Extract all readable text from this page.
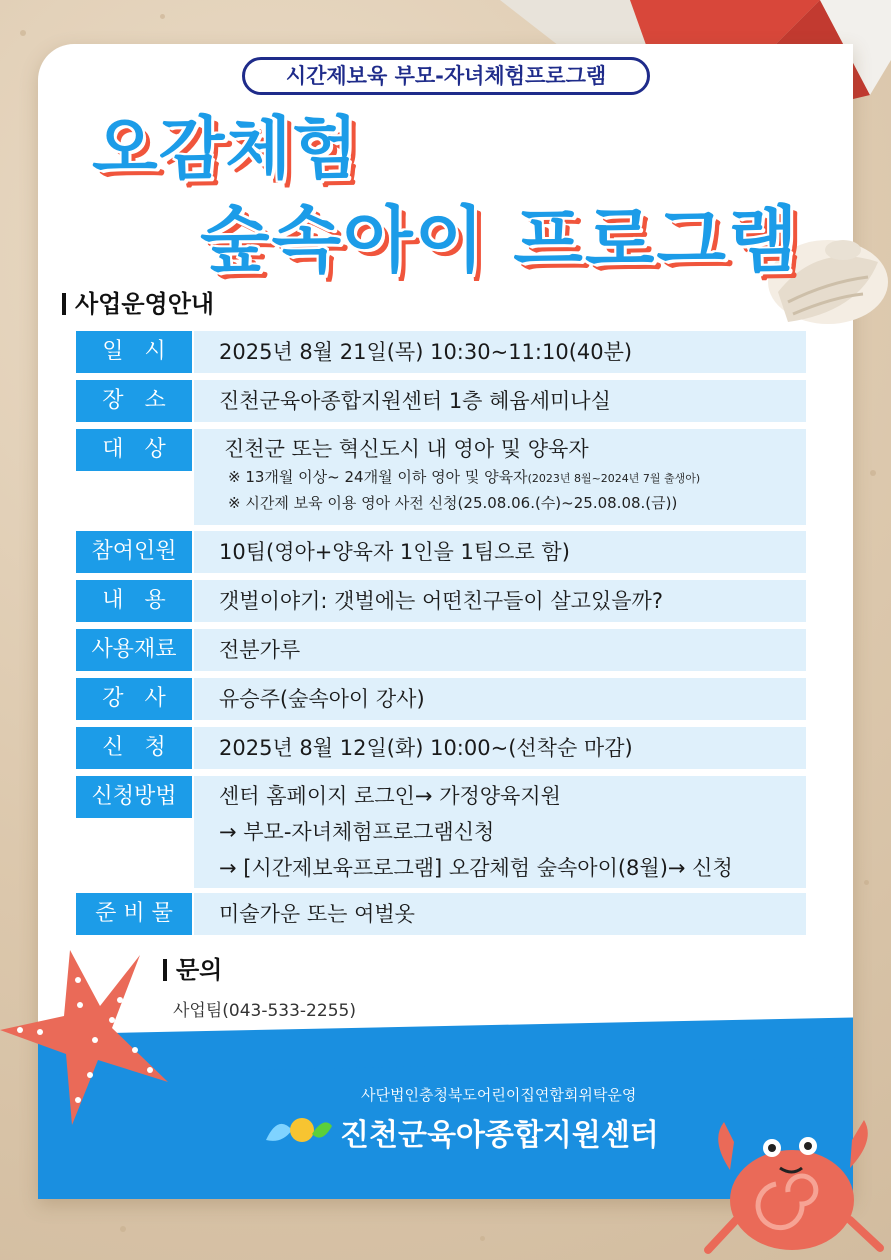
시간제보육 부모-자녀체험프로그램
오감체험
숲속아이 프로그램
사업운영안내
일   시	2025년 8월 21일(목) 10:30~11:10(40분)
장   소	진천군육아종합지원센터 1층 혜윰세미나실
대   상	진천군 또는 혁신도시 내 영아 및 양육자
※ 13개월 이상~ 24개월 이하 영아 및 양육자(2023년 8월~2024년 7월 출생아)
※ 시간제 보육 이용 영아 사전 신청(25.08.06.(수)~25.08.08.(금))
참여인원	10팀(영아+양육자 1인을 1팀으로 함)
내   용	갯벌이야기: 갯벌에는 어떤친구들이 살고있을까?
사용재료	전분가루
강   사	유승주(숲속아이 강사)
신   청	2025년 8월 12일(화) 10:00~(선착순 마감)
신청방법	센터 홈페이지 로그인→ 가정양육지원
→ 부모-자녀체험프로그램신청
→ [시간제보육프로그램] 오감체험 숲속아이(8월)→ 신청
준 비 물	미술가운 또는 여벌옷
문의
사업팀(043-533-2255)
사단법인충청북도어린이집연합회위탁운영
진천군육아종합지원센터
